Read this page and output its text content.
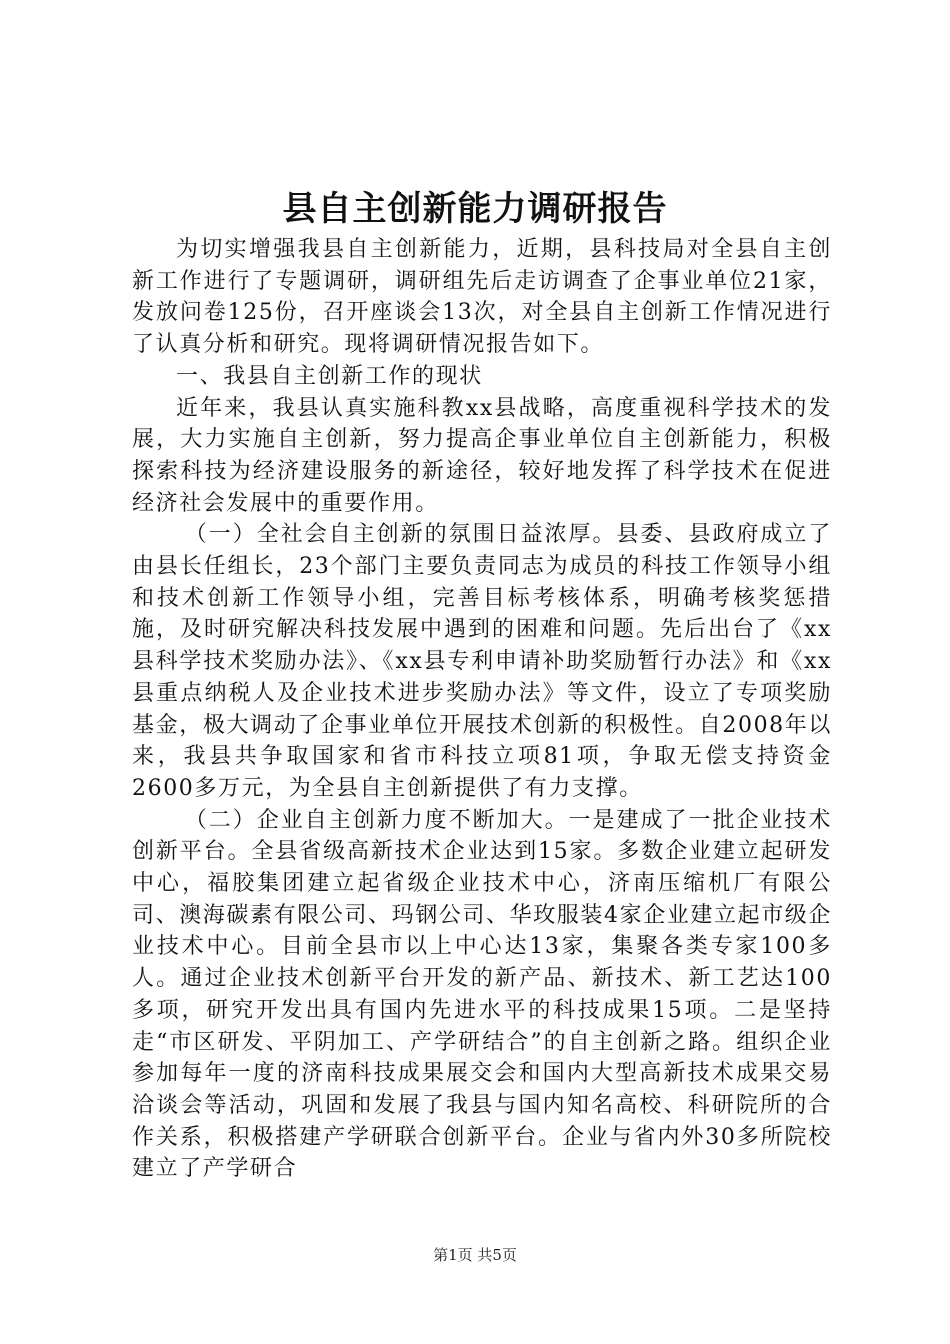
县自主创新能力调研报告

为切实增强我县自主创新能力，近期，县科技局对全县自主创新工作进行了专题调研，调研组先后走访调查了企事业单位21家，发放问卷125份，召开座谈会13次，对全县自主创新工作情况进行了认真分析和研究。现将调研情况报告如下。

一、我县自主创新工作的现状

近年来，我县认真实施科教xx县战略，高度重视科学技术的发展，大力实施自主创新，努力提高企事业单位自主创新能力，积极探索科技为经济建设服务的新途径，较好地发挥了科学技术在促进经济社会发展中的重要作用。

（一）全社会自主创新的氛围日益浓厚。县委、县政府成立了由县长任组长，23个部门主要负责同志为成员的科技工作领导小组和技术创新工作领导小组，完善目标考核体系，明确考核奖惩措施，及时研究解决科技发展中遇到的困难和问题。先后出台了《xx县科学技术奖励办法》、《xx县专利申请补助奖励暂行办法》和《xx县重点纳税人及企业技术进步奖励办法》等文件，设立了专项奖励基金，极大调动了企事业单位开展技术创新的积极性。自2008年以来，我县共争取国家和省市科技立项81项，争取无偿支持资金2600多万元，为全县自主创新提供了有力支撑。

（二）企业自主创新力度不断加大。一是建成了一批企业技术创新平台。全县省级高新技术企业达到15家。多数企业建立起研发中心，福胶集团建立起省级企业技术中心，济南压缩机厂有限公司、澳海碳素有限公司、玛钢公司、华玫服装4家企业建立起市级企业技术中心。目前全县市以上中心达13家，集聚各类专家100多人。通过企业技术创新平台开发的新产品、新技术、新工艺达100多项，研究开发出具有国内先进水平的科技成果15项。二是坚持走“市区研发、平阴加工、产学研结合”的自主创新之路。组织企业参加每年一度的济南科技成果展交会和国内大型高新技术成果交易洽谈会等活动，巩固和发展了我县与国内知名高校、科研院所的合作关系，积极搭建产学研联合创新平台。企业与省内外30多所院校建立了产学研合

第1页 共5页
